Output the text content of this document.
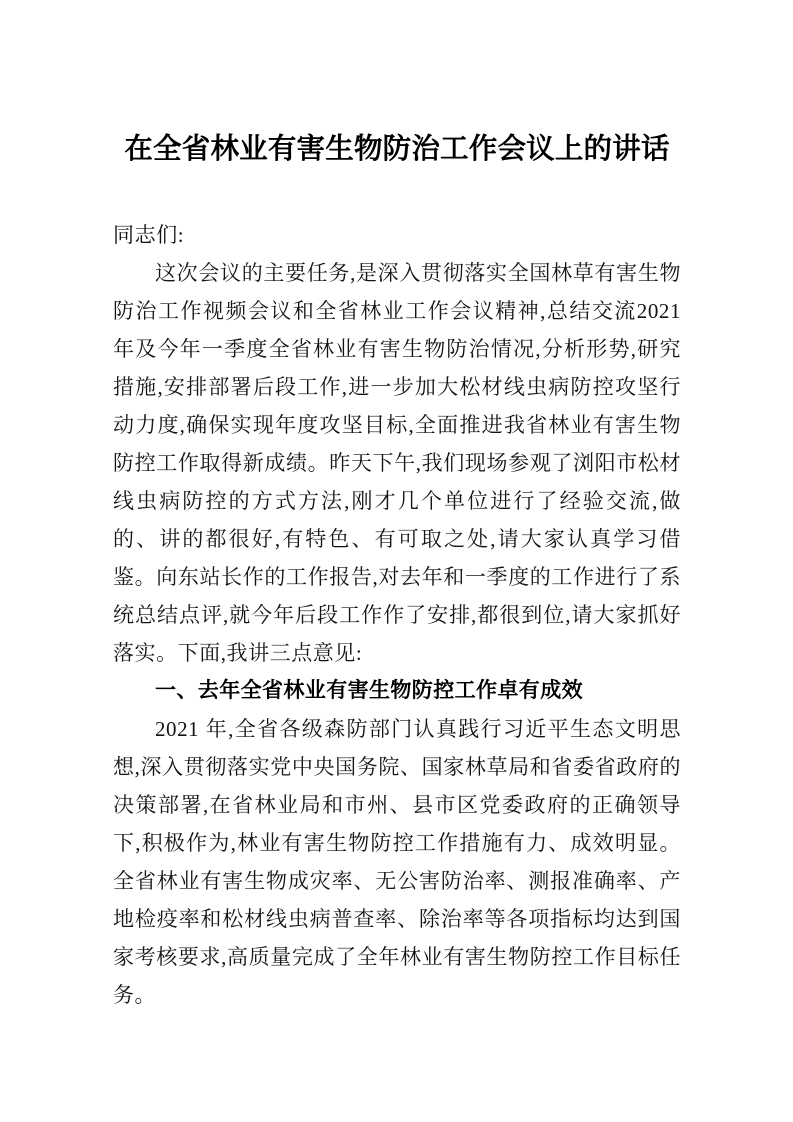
在全省林业有害生物防治工作会议上的讲话

同志们:

这次会议的主要任务,是深入贯彻落实全国林草有害生物防治工作视频会议和全省林业工作会议精神,总结交流2021 年及今年一季度全省林业有害生物防治情况,分析形势,研究措施,安排部署后段工作,进一步加大松材线虫病防控攻坚行动力度,确保实现年度攻坚目标,全面推进我省林业有害生物防控工作取得新成绩。昨天下午,我们现场参观了浏阳市松材线虫病防控的方式方法,刚才几个单位进行了经验交流,做的、讲的都很好,有特色、有可取之处,请大家认真学习借鉴。向东站长作的工作报告,对去年和一季度的工作进行了系统总结点评,就今年后段工作作了安排,都很到位,请大家抓好落实。下面,我讲三点意见:

一、去年全省林业有害生物防控工作卓有成效

2021 年,全省各级森防部门认真践行习近平生态文明思想,深入贯彻落实党中央国务院、国家林草局和省委省政府的决策部署,在省林业局和市州、县市区党委政府的正确领导下,积极作为,林业有害生物防控工作措施有力、成效明显。全省林业有害生物成灾率、无公害防治率、测报准确率、产地检疫率和松材线虫病普查率、除治率等各项指标均达到国家考核要求,高质量完成了全年林业有害生物防控工作目标任务。
